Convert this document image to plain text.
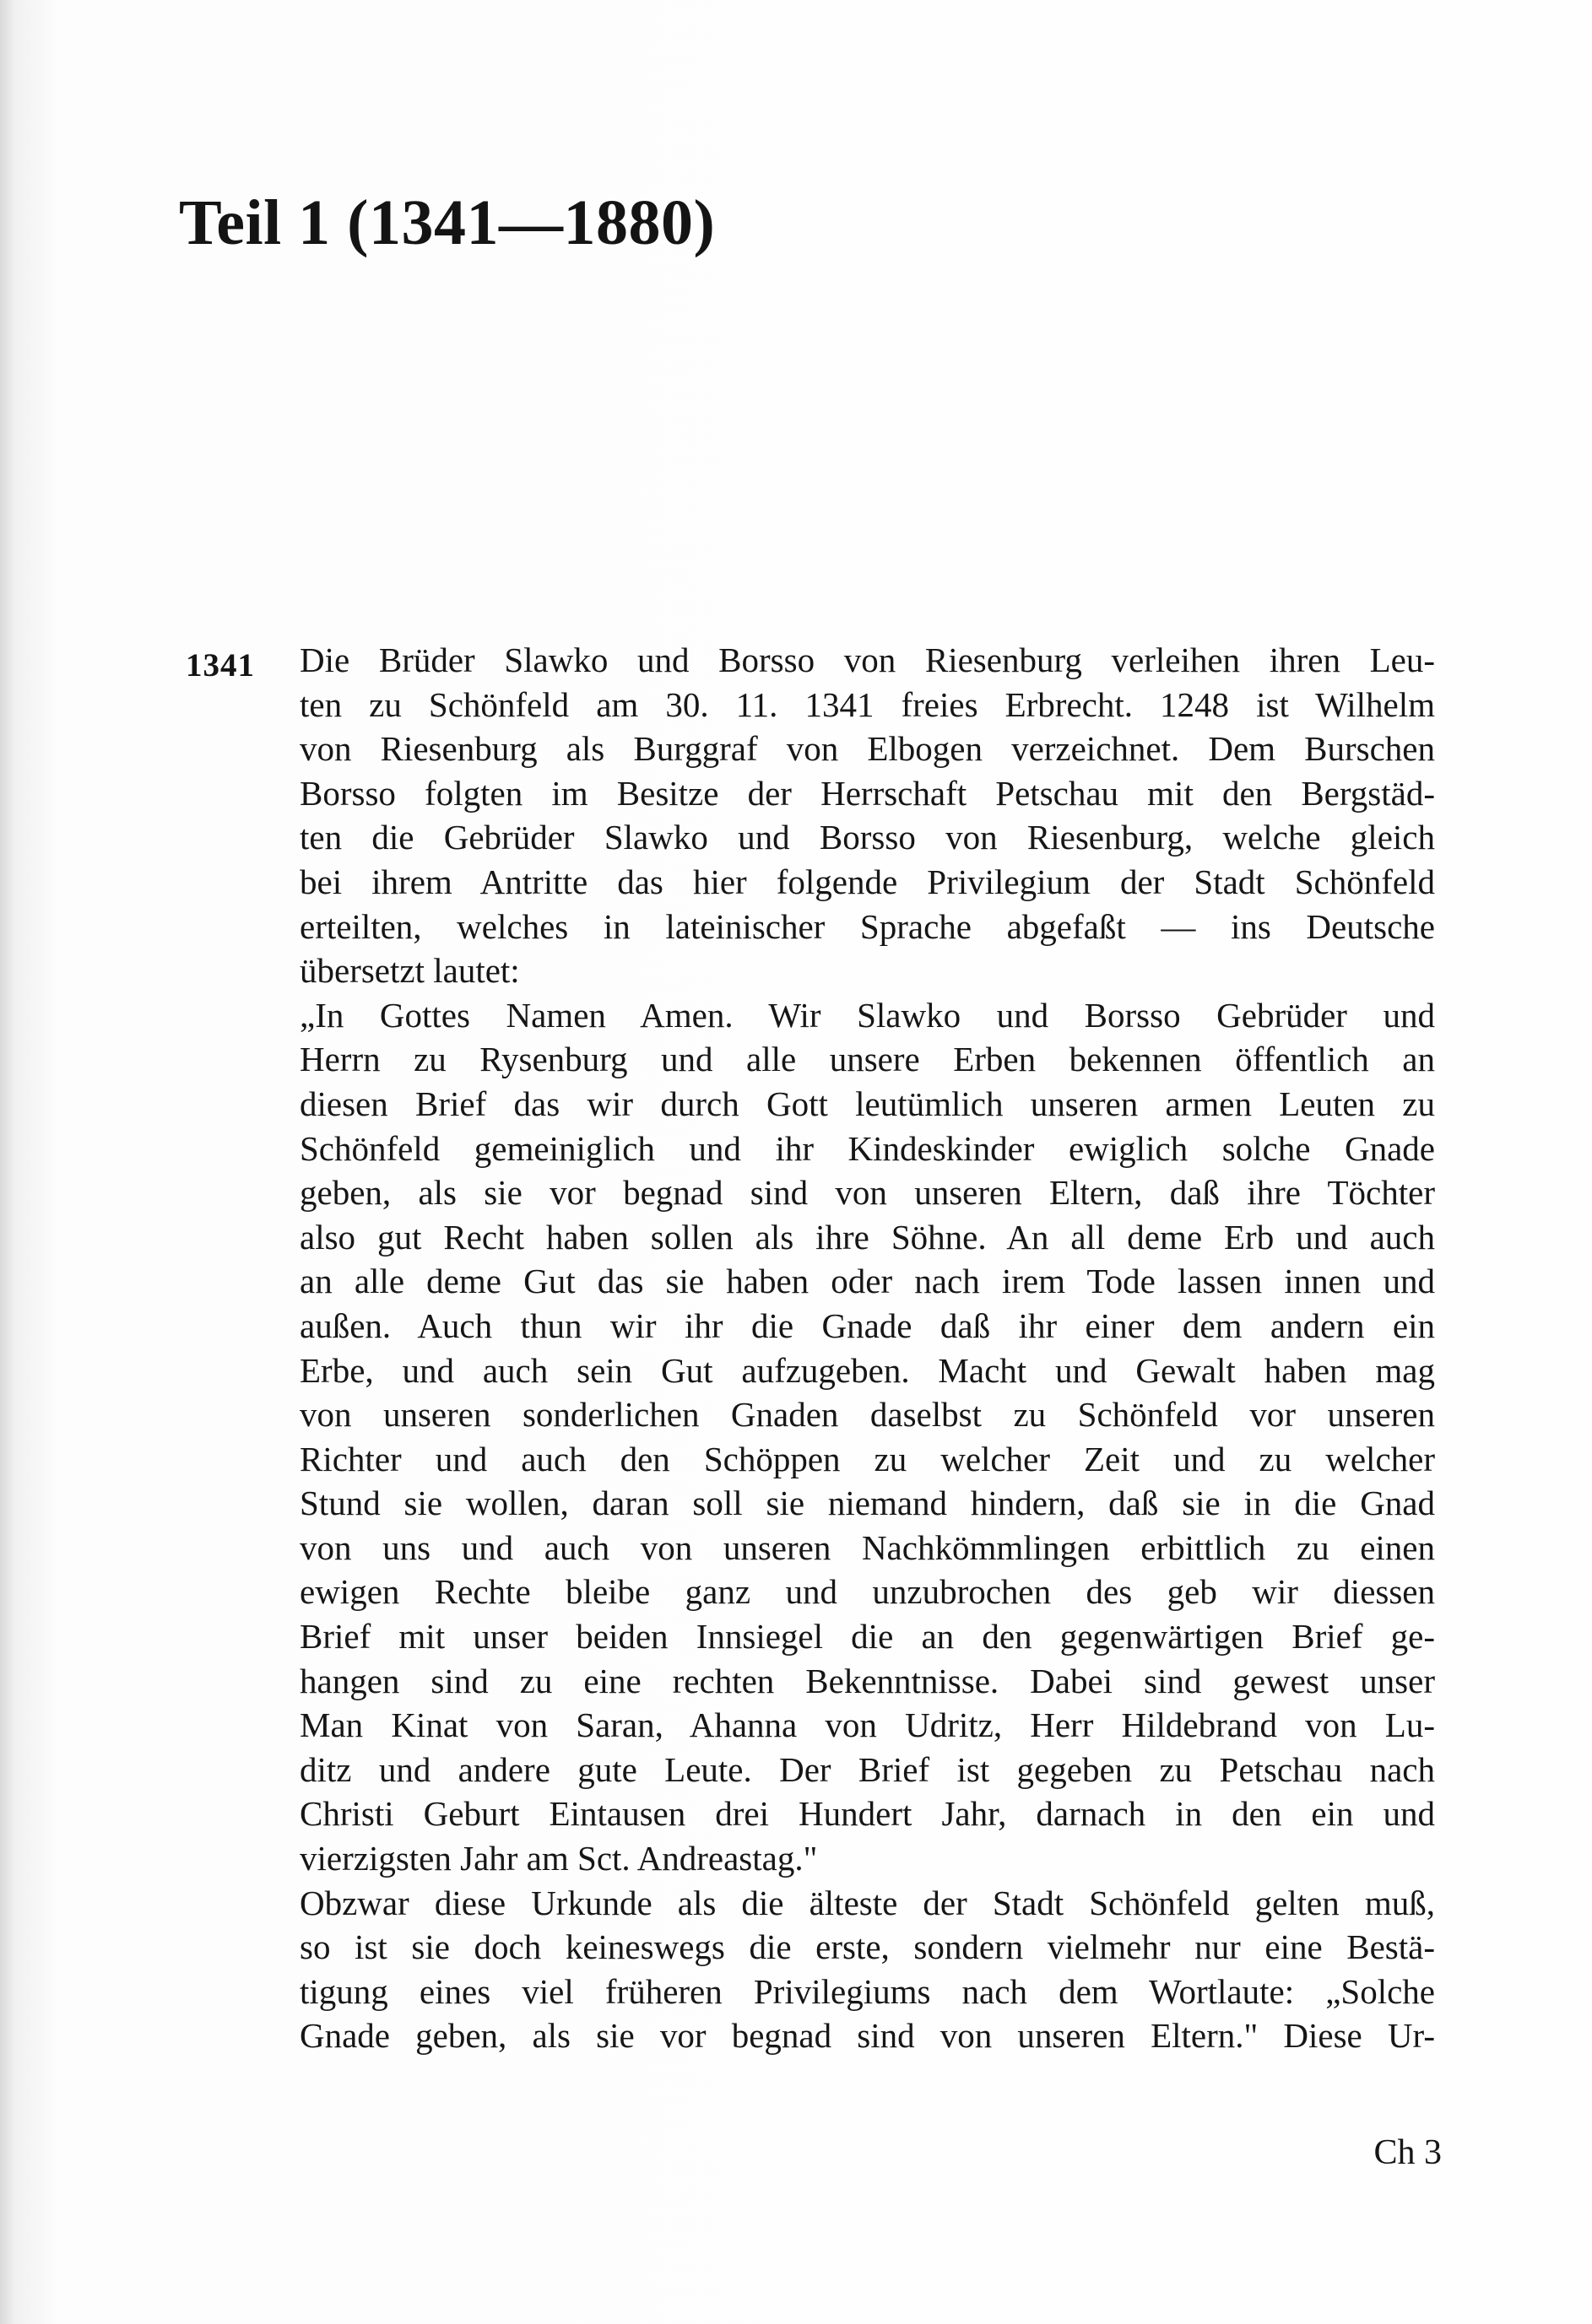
Teil 1 (1341—1880)
1341 Die Brüder Slawko und Borsso von Riesenburg verleihen ihren Leu-
ten zu Schönfeld am 30. 11. 1341 freies Erbrecht. 1248 ist Wilhelm
von Riesenburg als Burggraf von Elbogen verzeichnet. Dem Burschen
Borsso folgten im Besitze der Herrschaft Petschau mit den Bergstäd-
ten die Gebrüder Slawko und Borsso von Riesenburg, welche gleich
bei ihrem Antritte das hier folgende Privilegium der Stadt Schönfeld
erteilten, welches in lateinischer Sprache abgefaßt — ins Deutsche
übersetzt lautet:
„In Gottes Namen Amen. Wir Slawko und Borsso Gebrüder und
Herrn zu Rysenburg und alle unsere Erben bekennen öffentlich an
diesen Brief das wir durch Gott leutümlich unseren armen Leuten zu
Schönfeld gemeiniglich und ihr Kindeskinder ewiglich solche Gnade
geben, als sie vor begnad sind von unseren Eltern, daß ihre Töchter
also gut Recht haben sollen als ihre Söhne. An all deme Erb und auch
an alle deme Gut das sie haben oder nach irem Tode lassen innen und
außen. Auch thun wir ihr die Gnade daß ihr einer dem andern ein
Erbe, und auch sein Gut aufzugeben. Macht und Gewalt haben mag
von unseren sonderlichen Gnaden daselbst zu Schönfeld vor unseren
Richter und auch den Schöppen zu welcher Zeit und zu welcher
Stund sie wollen, daran soll sie niemand hindern, daß sie in die Gnad
von uns und auch von unseren Nachkömmlingen erbittlich zu einen
ewigen Rechte bleibe ganz und unzubrochen des geb wir diessen
Brief mit unser beiden Innsiegel die an den gegenwärtigen Brief ge-
hangen sind zu eine rechten Bekenntnisse. Dabei sind gewest unser
Man Kinat von Saran, Ahanna von Udritz, Herr Hildebrand von Lu-
ditz und andere gute Leute. Der Brief ist gegeben zu Petschau nach
Christi Geburt Eintausen drei Hundert Jahr, darnach in den ein und
vierzigsten Jahr am Sct. Andreastag."
Obzwar diese Urkunde als die älteste der Stadt Schönfeld gelten muß,
so ist sie doch keineswegs die erste, sondern vielmehr nur eine Bestä-
tigung eines viel früheren Privilegiums nach dem Wortlaute: „Solche
Gnade geben, als sie vor begnad sind von unseren Eltern." Diese Ur-
Ch 3
